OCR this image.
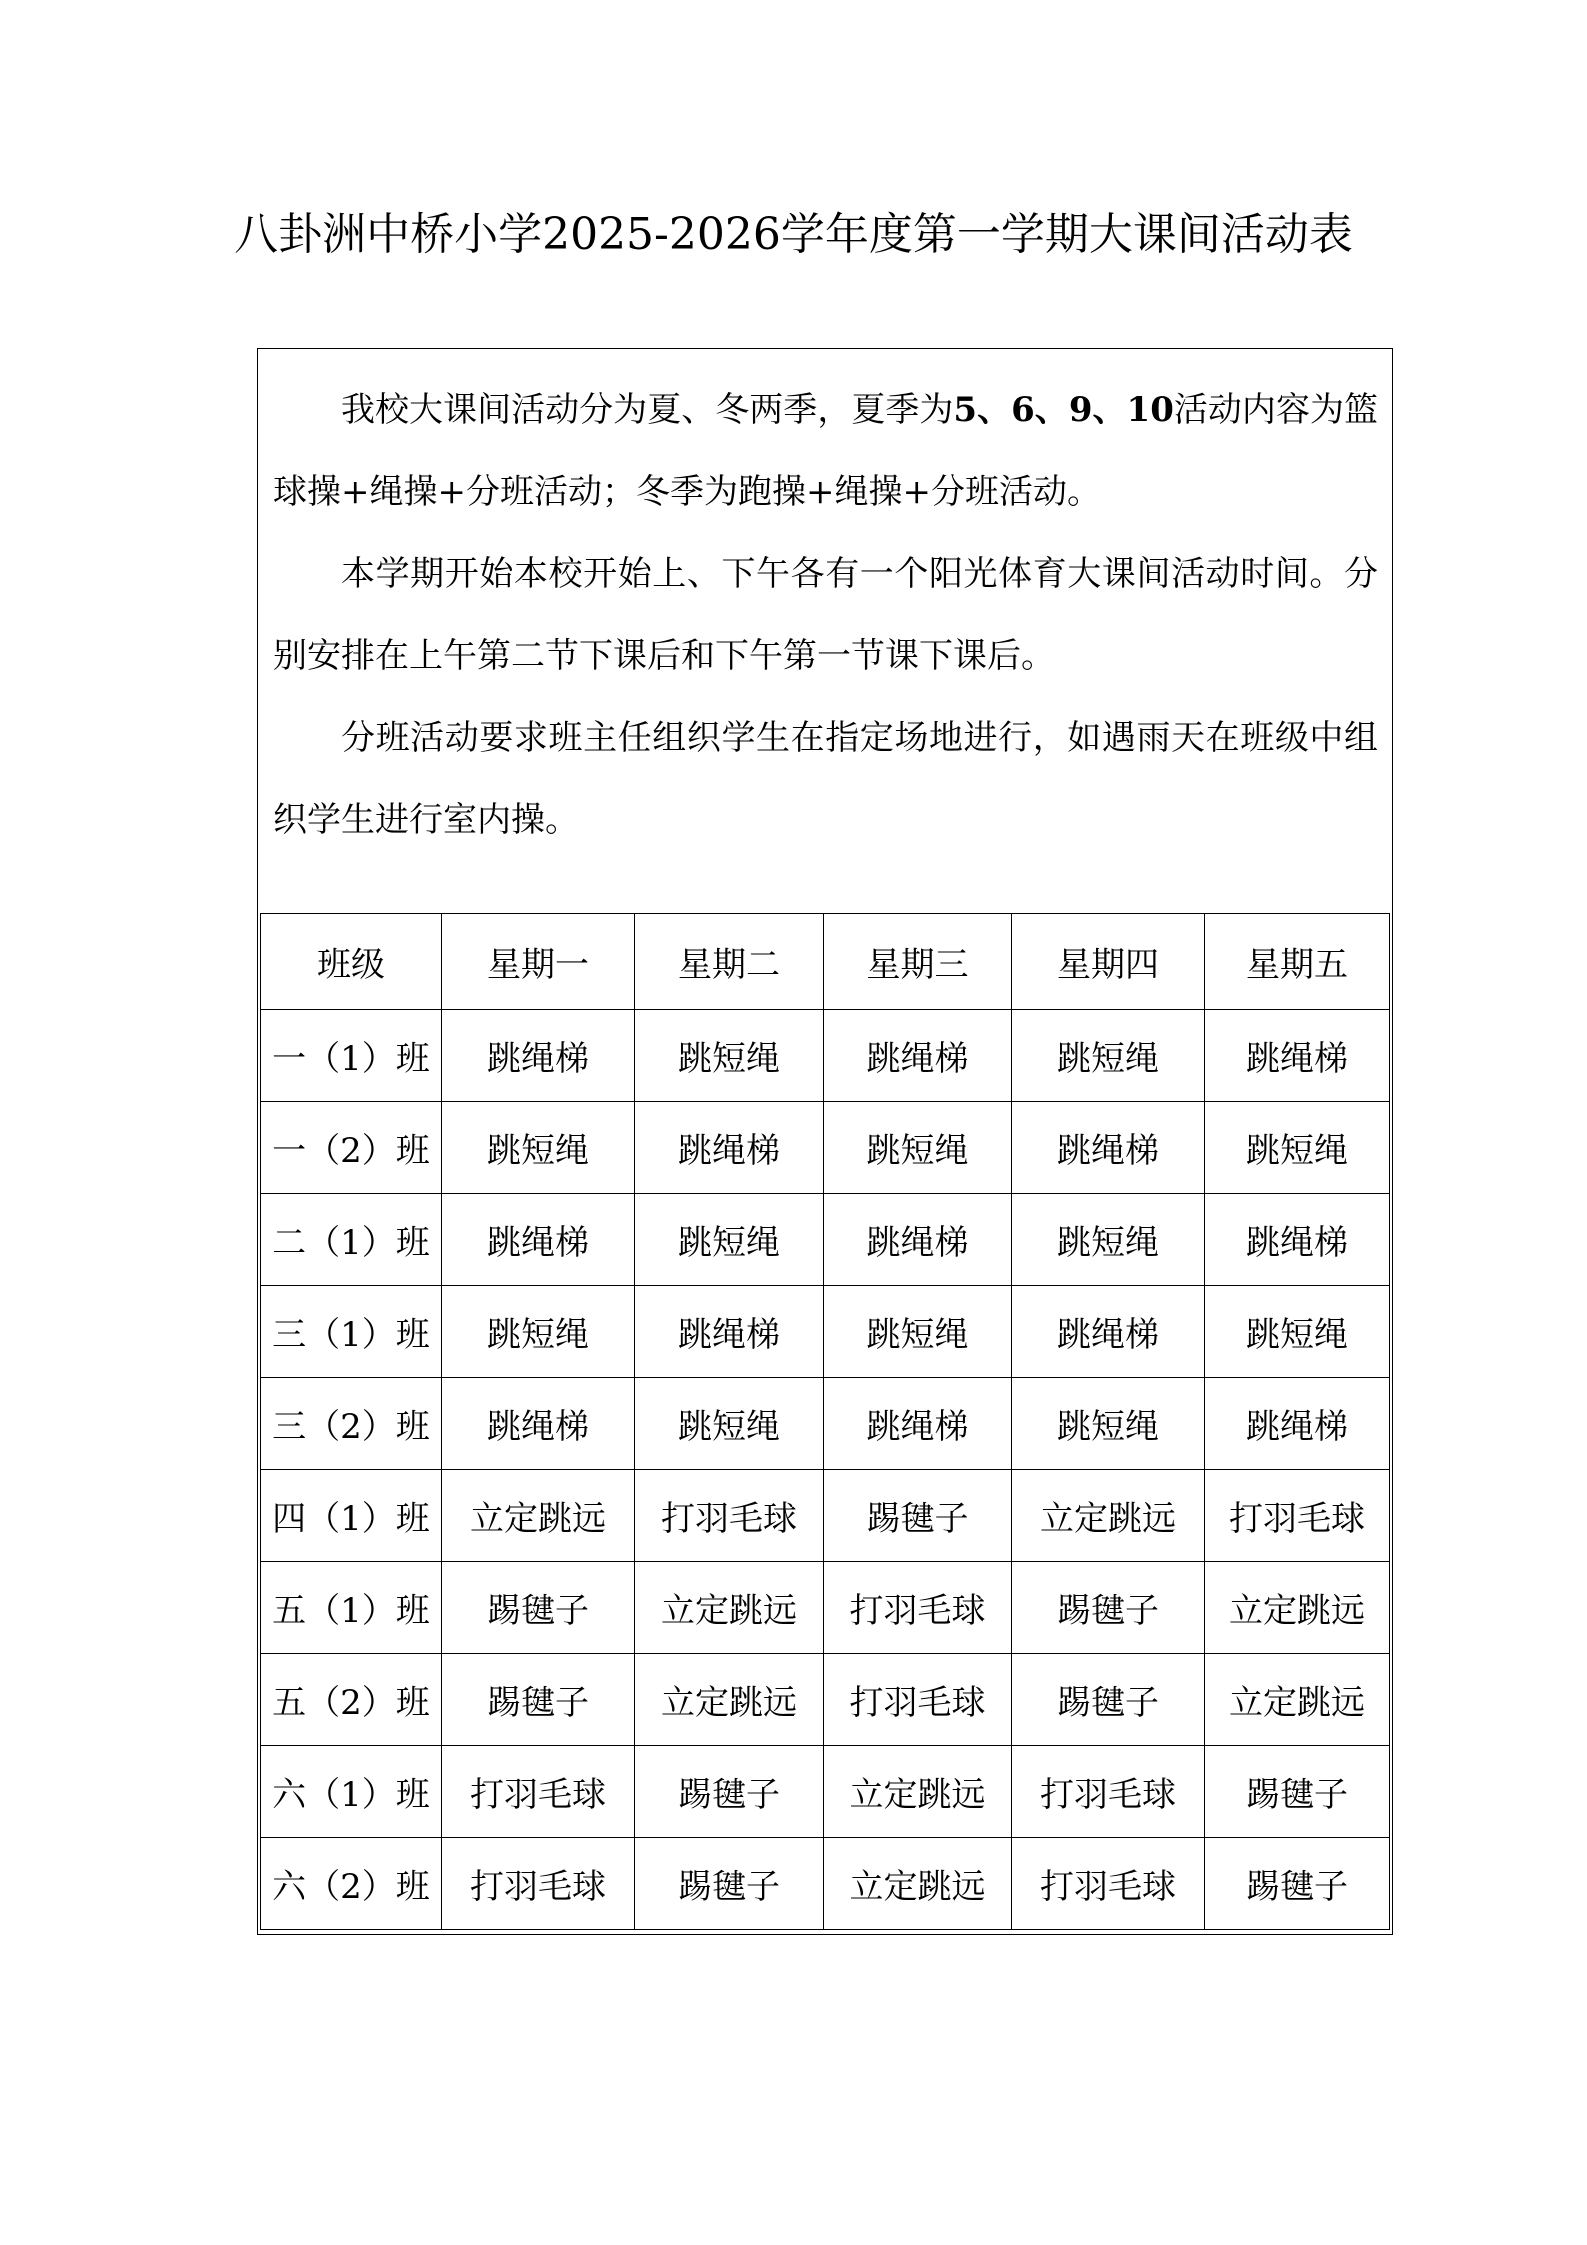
八卦洲中桥小学2025-2026学年度第一学期大课间活动表

我校大课间活动分为夏、冬两季，夏季为5、6、9、10活动内容为篮球操+绳操+分班活动；冬季为跑操+绳操+分班活动。

本学期开始本校开始上、下午各有一个阳光体育大课间活动时间。分别安排在上午第二节下课后和下午第一节课下课后。

分班活动要求班主任组织学生在指定场地进行，如遇雨天在班级中组织学生进行室内操。

班级	星期一	星期二	星期三	星期四	星期五
一（1）班	跳绳梯	跳短绳	跳绳梯	跳短绳	跳绳梯
一（2）班	跳短绳	跳绳梯	跳短绳	跳绳梯	跳短绳
二（1）班	跳绳梯	跳短绳	跳绳梯	跳短绳	跳绳梯
三（1）班	跳短绳	跳绳梯	跳短绳	跳绳梯	跳短绳
三（2）班	跳绳梯	跳短绳	跳绳梯	跳短绳	跳绳梯
四（1）班	立定跳远	打羽毛球	踢毽子	立定跳远	打羽毛球
五（1）班	踢毽子	立定跳远	打羽毛球	踢毽子	立定跳远
五（2）班	踢毽子	立定跳远	打羽毛球	踢毽子	立定跳远
六（1）班	打羽毛球	踢毽子	立定跳远	打羽毛球	踢毽子
六（2）班	打羽毛球	踢毽子	立定跳远	打羽毛球	踢毽子
